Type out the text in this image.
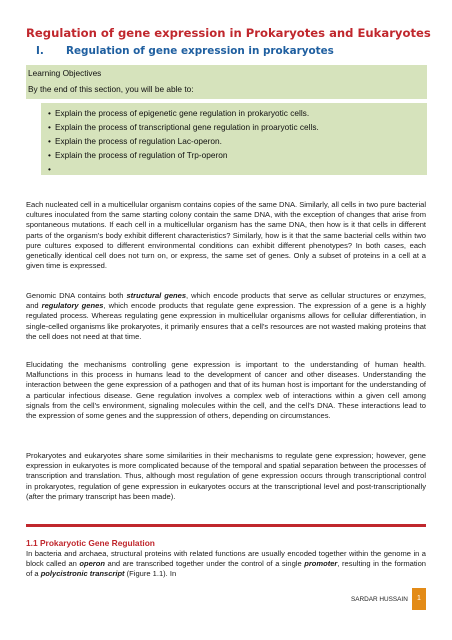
Regulation of gene expression in Prokaryotes and Eukaryotes
I. Regulation of gene expression in prokaryotes
Learning Objectives
By the end of this section, you will be able to:
• Explain the process of epigenetic gene regulation in prokaryotic cells.
• Explain the process of transcriptional gene regulation in proaryotic cells.
• Explain the process of regulation Lac-operon.
• Explain the process of regulation of Trp-operon
•
Each nucleated cell in a multicellular organism contains copies of the same DNA. Similarly, all cells in two pure bacterial cultures inoculated from the same starting colony contain the same DNA, with the exception of changes that arise from spontaneous mutations. If each cell in a multicellular organism has the same DNA, then how is it that cells in different parts of the organism’s body exhibit different characteristics? Similarly, how is it that the same bacterial cells within two pure cultures exposed to different environmental conditions can exhibit different phenotypes? In both cases, each genetically identical cell does not turn on, or express, the same set of genes. Only a subset of proteins in a cell at a given time is expressed.
Genomic DNA contains both structural genes, which encode products that serve as cellular structures or enzymes, and regulatory genes, which encode products that regulate gene expression. The expression of a gene is a highly regulated process. Whereas regulating gene expression in multicellular organisms allows for cellular differentiation, in single-celled organisms like prokaryotes, it primarily ensures that a cell’s resources are not wasted making proteins that the cell does not need at that time.
Elucidating the mechanisms controlling gene expression is important to the understanding of human health. Malfunctions in this process in humans lead to the development of cancer and other diseases. Understanding the interaction between the gene expression of a pathogen and that of its human host is important for the understanding of a particular infectious disease. Gene regulation involves a complex web of interactions within a given cell among signals from the cell’s environment, signaling molecules within the cell, and the cell’s DNA. These interactions lead to the expression of some genes and the suppression of others, depending on circumstances.
Prokaryotes and eukaryotes share some similarities in their mechanisms to regulate gene expression; however, gene expression in eukaryotes is more complicated because of the temporal and spatial separation between the processes of transcription and translation. Thus, although most regulation of gene expression occurs through transcriptional control in prokaryotes, regulation of gene expression in eukaryotes occurs at the transcriptional level and post-transcriptionally (after the primary transcript has been made).
1.1 Prokaryotic Gene Regulation
In bacteria and archaea, structural proteins with related functions are usually encoded together within the genome in a block called an operon and are transcribed together under the control of a single promoter, resulting in the formation of a polycistronic transcript (Figure 1.1). In
SARDAR HUSSAIN	1
